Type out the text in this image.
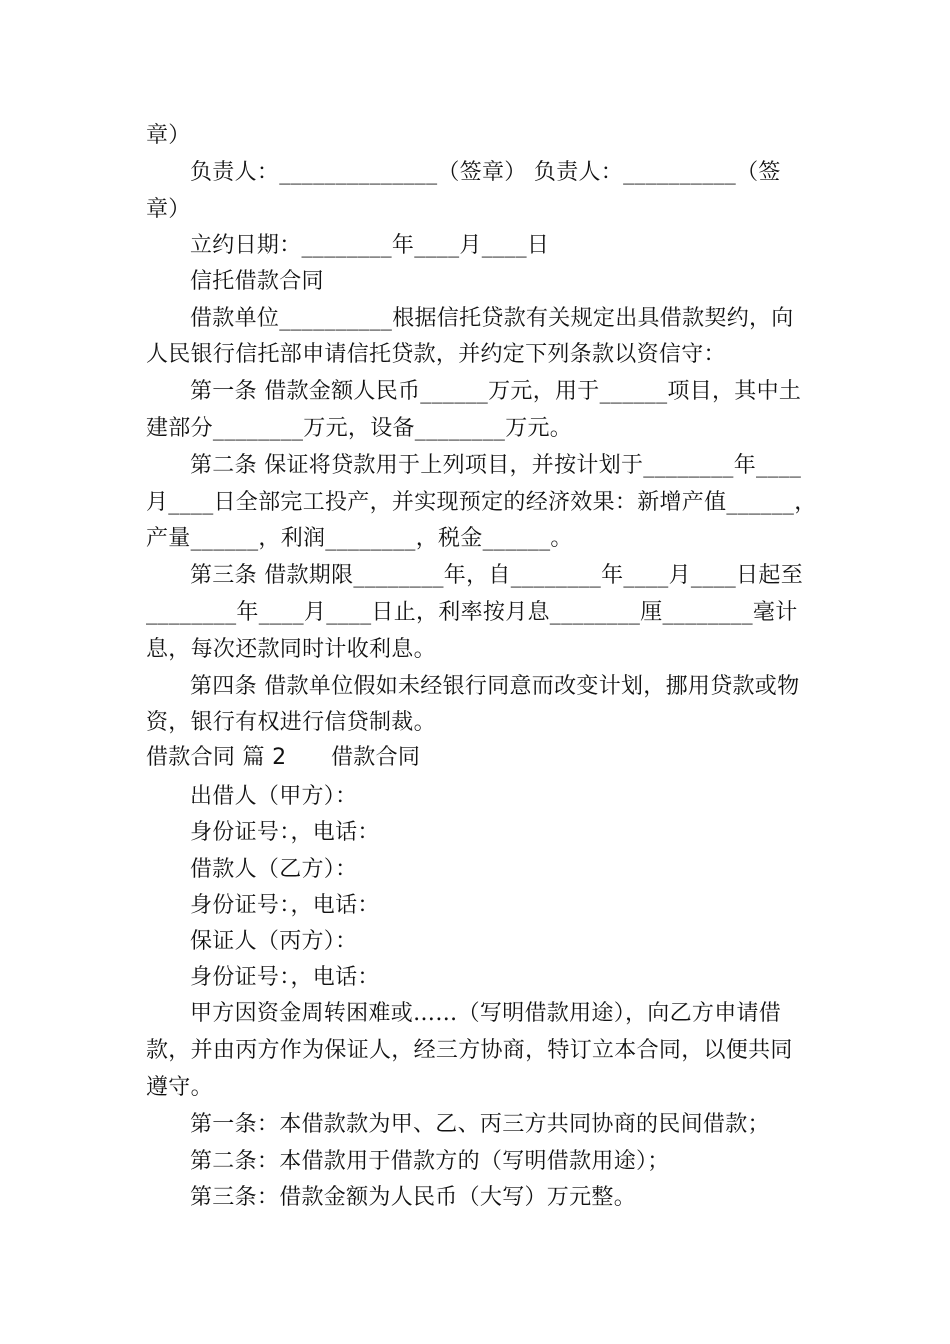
章）
负责人：______________（签章） 负责人：__________（签
章）
立约日期：________年____月____日
信托借款合同
借款单位__________根据信托贷款有关规定出具借款契约，向
人民银行信托部申请信托贷款，并约定下列条款以资信守：
第一条 借款金额人民币______万元，用于______项目，其中土
建部分________万元，设备________万元。
第二条 保证将贷款用于上列项目，并按计划于________年____
月____日全部完工投产，并实现预定的经济效果：新增产值______，
产量______，利润________，税金______。
第三条 借款期限________年，自________年____月____日起至
________年____月____日止，利率按月息________厘________毫计
息，每次还款同时计收利息。
第四条 借款单位假如未经银行同意而改变计划，挪用贷款或物
资，银行有权进行信贷制裁。
借款合同 篇 2　　借款合同
出借人（甲方）：
身份证号：，电话：
借款人（乙方）：
身份证号：，电话：
保证人（丙方）：
身份证号：，电话：
甲方因资金周转困难或……（写明借款用途），向乙方申请借
款，并由丙方作为保证人，经三方协商，特订立本合同，以便共同
遵守。
第一条：本借款款为甲、乙、丙三方共同协商的民间借款；
第二条：本借款用于借款方的（写明借款用途）；
第三条：借款金额为人民币（大写）万元整。
